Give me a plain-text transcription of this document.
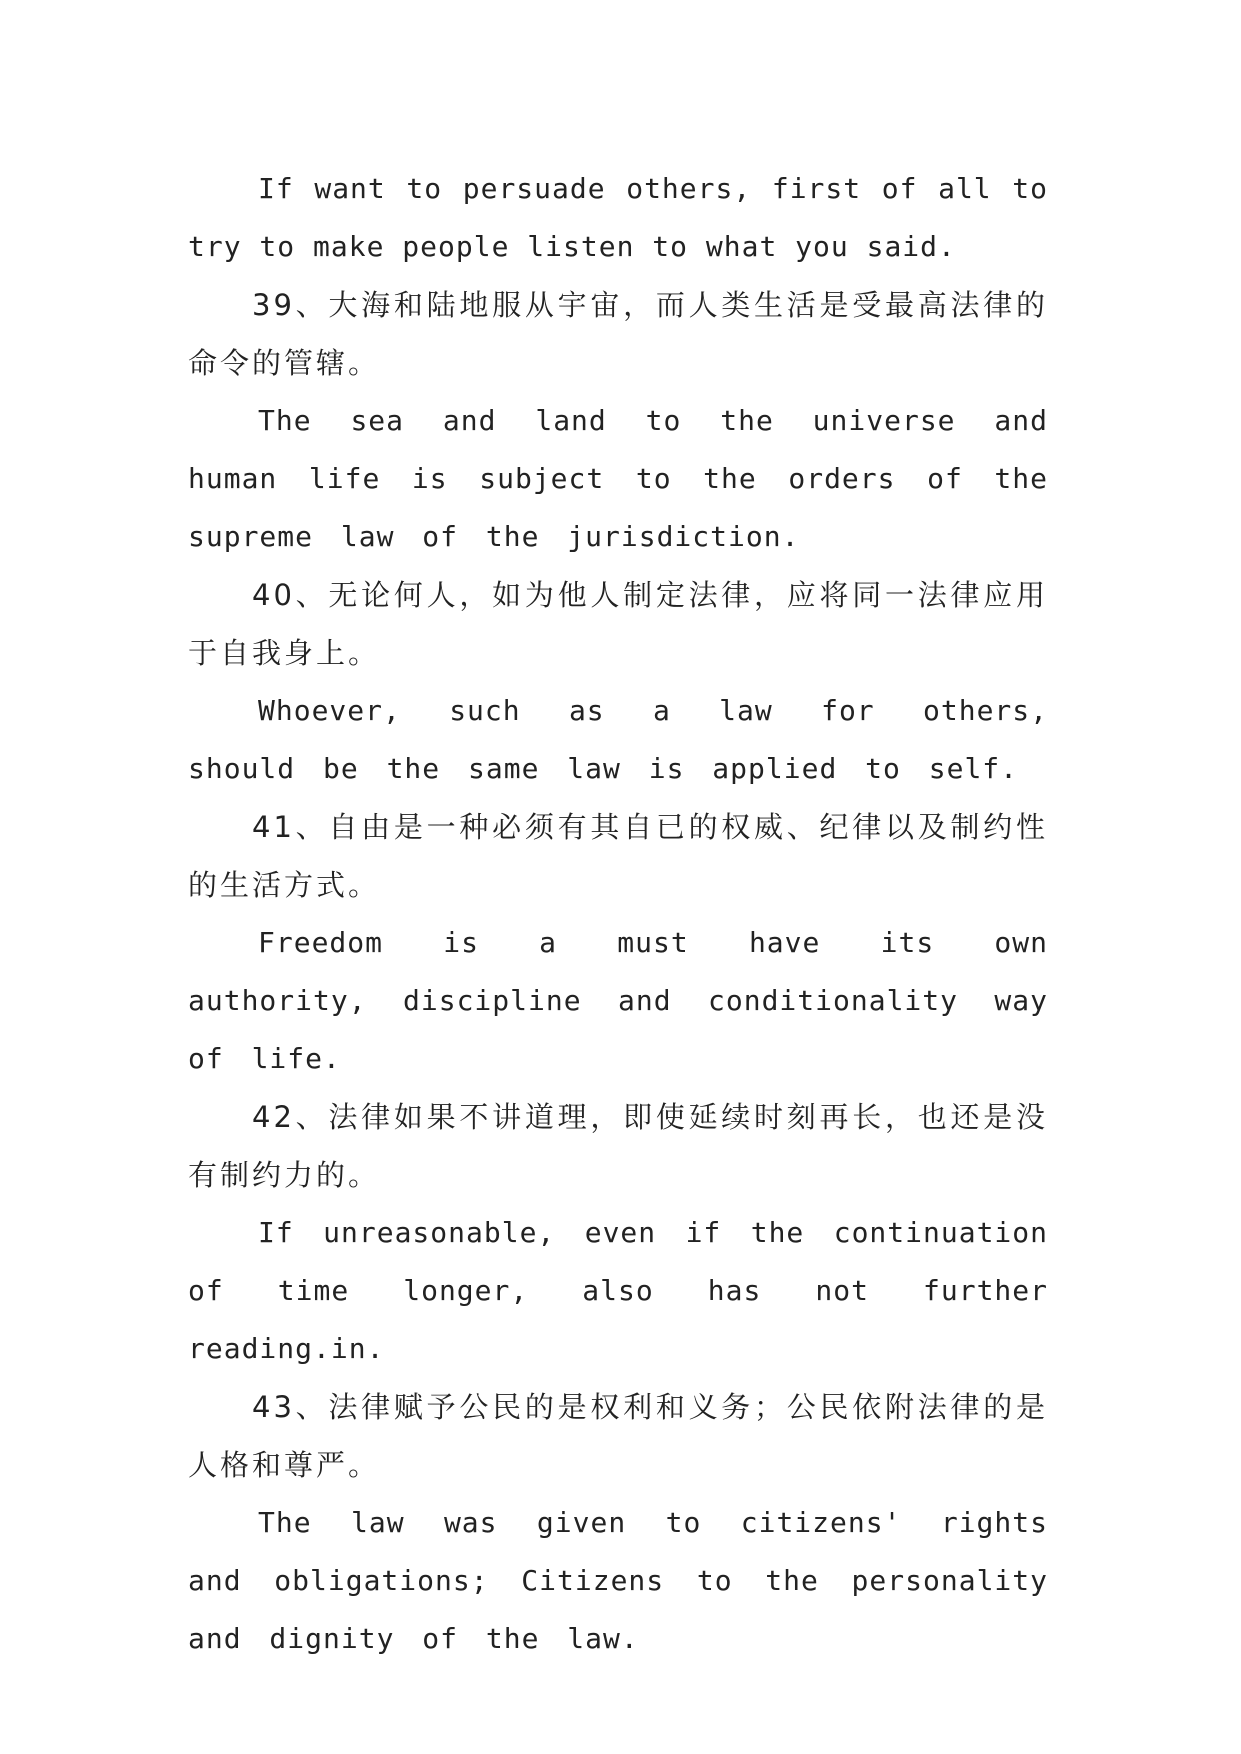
If want to persuade others, first of all to try to make people listen to what you said.

39、大海和陆地服从宇宙，而人类生活是受最高法律的命令的管辖。

The sea and land to the universe and human life is subject to the orders of the supreme law of the jurisdiction.

40、无论何人，如为他人制定法律，应将同一法律应用于自我身上。

Whoever, such as a law for others, should be the same law is applied to self.

41、自由是一种必须有其自已的权威、纪律以及制约性的生活方式。

Freedom is a must have its own authority, discipline and conditionality way of life.

42、法律如果不讲道理，即使延续时刻再长，也还是没有制约力的。

If unreasonable, even if the continuation of time longer, also has not further reading.in.

43、法律赋予公民的是权利和义务；公民依附法律的是人格和尊严。

The law was given to citizens' rights and obligations; Citizens to the personality and dignity of the law.
